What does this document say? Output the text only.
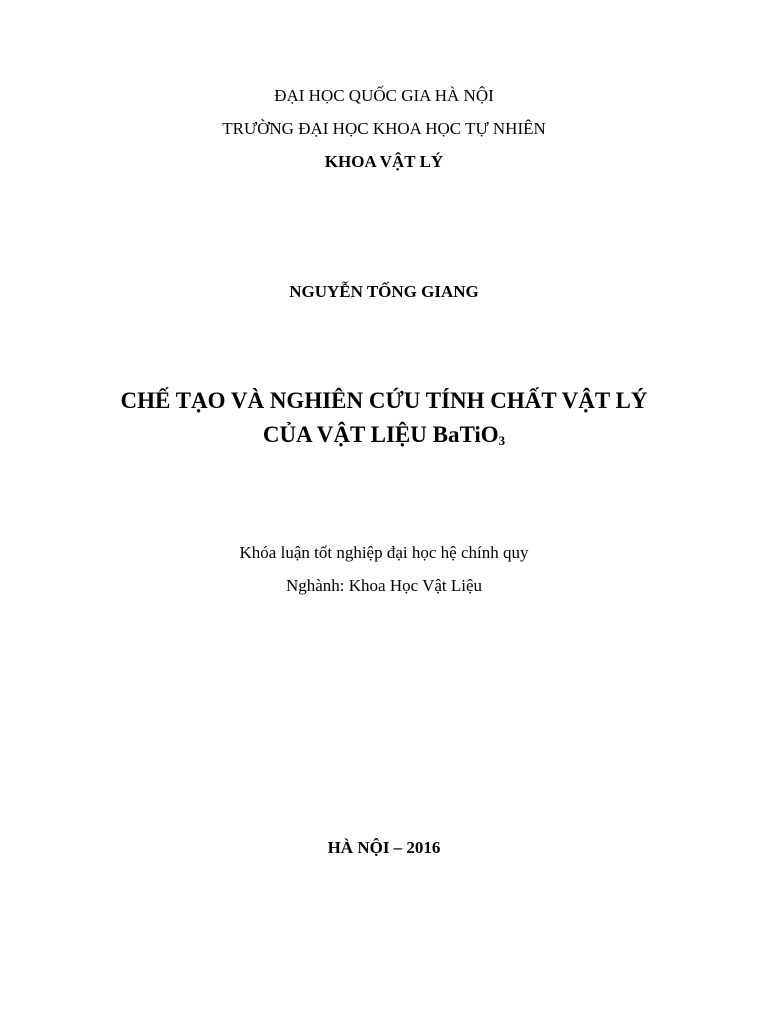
ĐẠI HỌC QUỐC GIA HÀ NỘI
TRƯỜNG ĐẠI HỌC KHOA HỌC TỰ NHIÊN
KHOA VẬT LÝ
NGUYỄN TỐNG GIANG
CHẾ TẠO VÀ NGHIÊN CỨU TÍNH CHẤT VẬT LÝ
CỦA VẬT LIỆU BaTiO$_3$
Khóa luận tốt nghiệp đại học hệ chính quy
Nghành: Khoa Học Vật Liệu
HÀ NỘI – 2016
